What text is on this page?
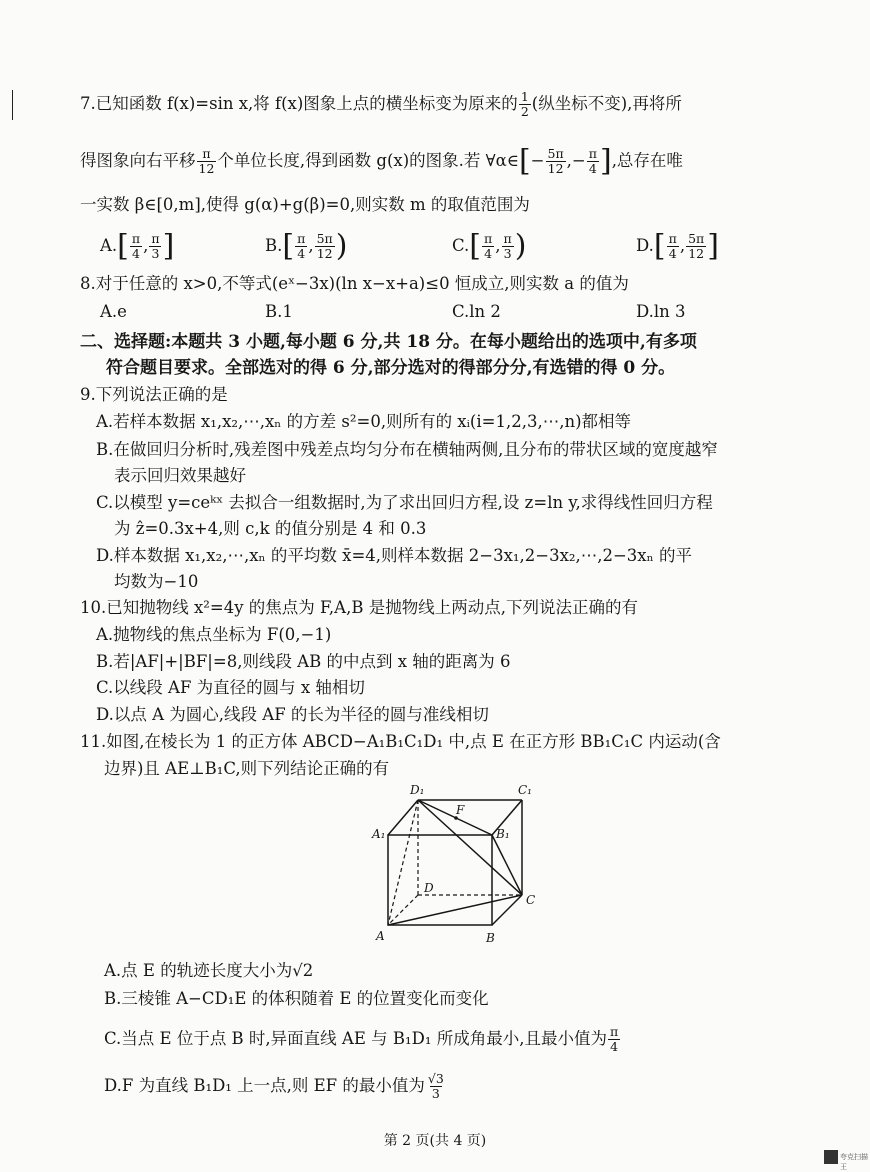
7.已知函数 f(x)=sin x,将 f(x)图象上点的横坐标变为原来的 $\frac{1}{2}$ (纵坐标不变),再将所
得图象向右平移 $\frac{\pi}{12}$ 个单位长度,得到函数 g(x)的图象.若 ∀α∈[− $\frac{5\pi}{12}$ ,− $\frac{\pi}{4}$ ],总存在唯
一实数 β∈[0,m],使得 g(α)+g(β)=0,则实数 m 的取值范围为
$A.[ \frac{\pi}{4}$ , $\frac{\pi}{3}$ ]	$B.[ \frac{\pi}{4}$ , $\frac{5\pi}{12}$ )	$C.[ \frac{\pi}{4}$ , $\frac{\pi}{3}$ )	$D.[ \frac{\pi}{4}$ , $\frac{5\pi}{12}$ ]
8.对于任意的 x>0,不等式(eˣ−3x)(ln x−x+a)≤0 恒成立,则实数 a 的值为
A.e	B.1	C.ln 2	D.ln 3
二、选择题:本题共 3 小题,每小题 6 分,共 18 分。在每小题给出的选项中,有多项
符合题目要求。全部选对的得 6 分,部分选对的得部分分,有选错的得 0 分。
9.下列说法正确的是
A.若样本数据 x₁,x₂,⋯,xₙ 的方差 s²=0,则所有的 xᵢ(i=1,2,3,⋯,n)都相等
B.在做回归分析时,残差图中残差点均匀分布在横轴两侧,且分布的带状区域的宽度越窄
表示回归效果越好
C.以模型 y=ceᵏˣ 去拟合一组数据时,为了求出回归方程,设 z=ln y,求得线性回归方程
为 ẑ=0.3x+4,则 c,k 的值分别是 4 和 0.3
D.样本数据 x₁,x₂,⋯,xₙ 的平均数 x̄=4,则样本数据 2−3x₁,2−3x₂,⋯,2−3xₙ 的平
均数为−10
10.已知抛物线 x²=4y 的焦点为 F,A,B 是抛物线上两动点,下列说法正确的有
A.抛物线的焦点坐标为 F(0,−1)
B.若|AF|+|BF|=8,则线段 AB 的中点到 x 轴的距离为 6
C.以线段 AF 为直径的圆与 x 轴相切
D.以点 A 为圆心,线段 AF 的长为半径的圆与准线相切
11.如图,在棱长为 1 的正方体 ABCD−A₁B₁C₁D₁ 中,点 E 在正方形 BB₁C₁C 内运动(含
边界)且 AE⊥B₁C,则下列结论正确的有
D₁	C₁
A₁	B₁
F
D
C
A	B
A.点 E 的轨迹长度大小为√2
B.三棱锥 A−CD₁E 的体积随着 E 的位置变化而变化
C.当点 E 位于点 B 时,异面直线 AE 与 B₁D₁ 所成角最小,且最小值为 $\frac{\pi}{4}$
D.F 为直线 B₁D₁ 上一点,则 EF 的最小值为 $\frac{√3}{3}$
第 2 页(共 4 页)
夸克扫描王
